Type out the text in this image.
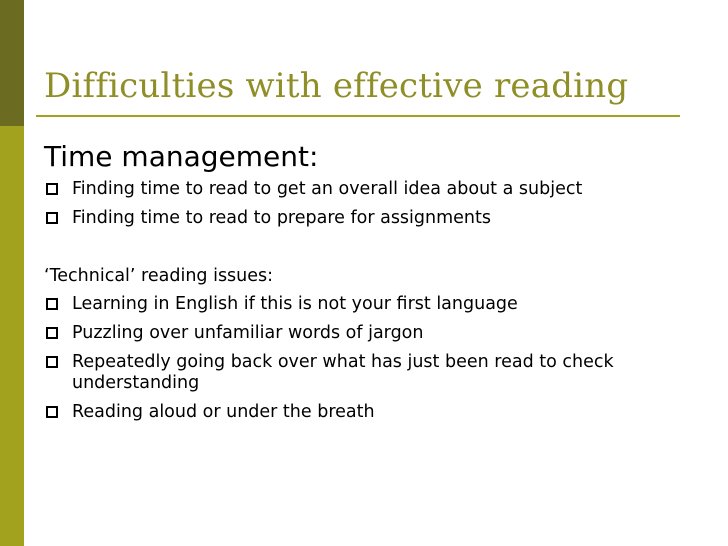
Difficulties with effective reading
Time management:
Finding time to read to get an overall idea about a subject
Finding time to read to prepare for assignments
‘Technical’ reading issues:
Learning in English if this is not your first language
Puzzling over unfamiliar words of jargon
Repeatedly going back over what has just been read to check understanding
Reading aloud or under the breath
